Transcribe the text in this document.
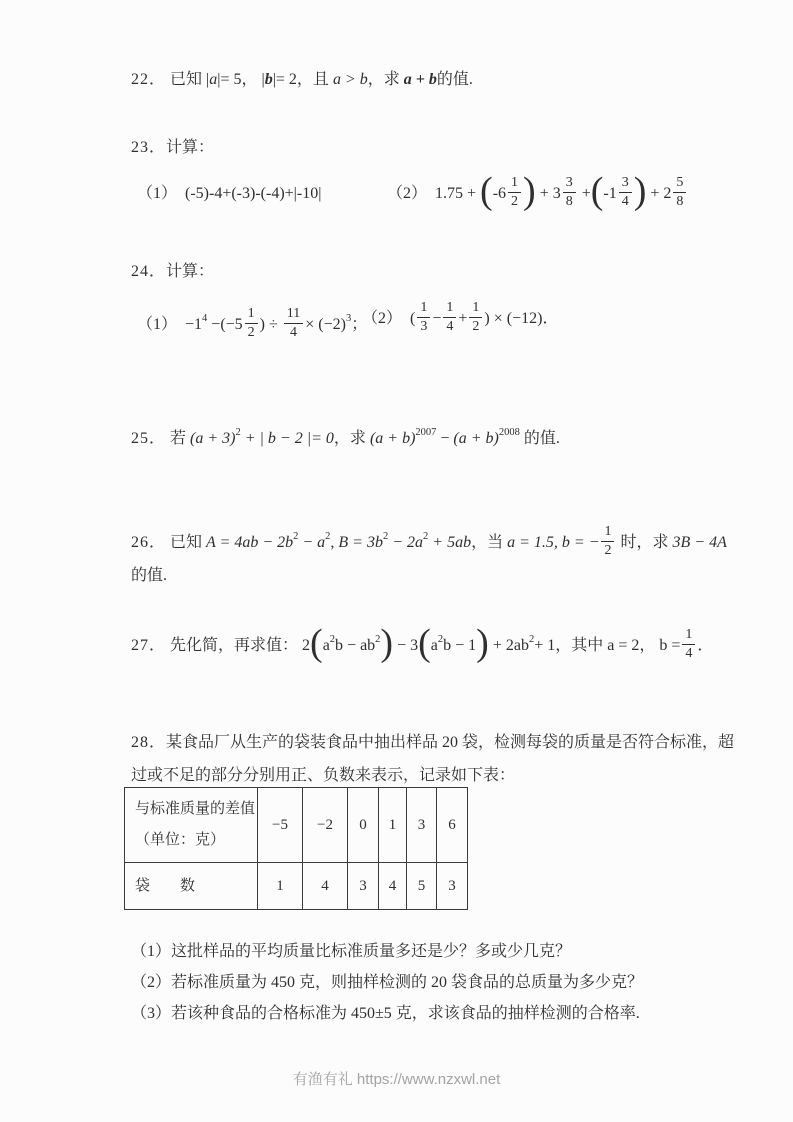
22． 已知 |a|= 5， |b|= 2，且 a > b，求 a + b的值.
23．计算：
（1） (-5)-4+(-3)-(-4)+|-10|	（2） $1.75 + (-6 \frac{1}{2}$ ) + $3 \frac{3}{8} +(-1 \frac{3}{4}$ ) + $2 \frac{5}{8}$
24．计算：
$(1) -1^4 -(-5 \frac{1}{2}$ ) ÷ $\frac{11}{4} \times (-2)^3$；
（2） ( $\frac{1}{3} - \frac{1}{4} + \frac{1}{2}$ ) × (−12)．
25． 若 $(a + 3)^2$ + | b − 2 |= 0，求 $(a + b)^{2007} - (a + b)^{2008}$ 的值.
26． 已知 $A = 4ab - 2b^2 - a^2$, $B = 3b^2 - 2a^2 + 5ab$，当 a = 1.5, b = − $\frac{1}{2}$ 时，求 3B − 4A
的值.
27． 先化简，再求值： $2(a^2b - ab^2) - 3(a^2b - 1) + 2ab^2+ 1$，其中 a = 2， $b = \frac{1}{4}$ ．
28．某食品厂从生产的袋装食品中抽出样品 20 袋，检测每袋的质量是否符合标准，超
过或不足的部分分别用正、负数来表示，记录如下表：
与标准质量的差值
（单位：克）	−5	−2	0	1	3	6
袋　　数	1	4	3	4	5	3
（1）这批样品的平均质量比标准质量多还是少？多或少几克？
（2）若标准质量为 450 克，则抽样检测的 20 袋食品的总质量为多少克？
（3）若该种食品的合格标准为 450±5 克，求该食品的抽样检测的合格率.
有渔有礼 https://www.nzxwl.net
